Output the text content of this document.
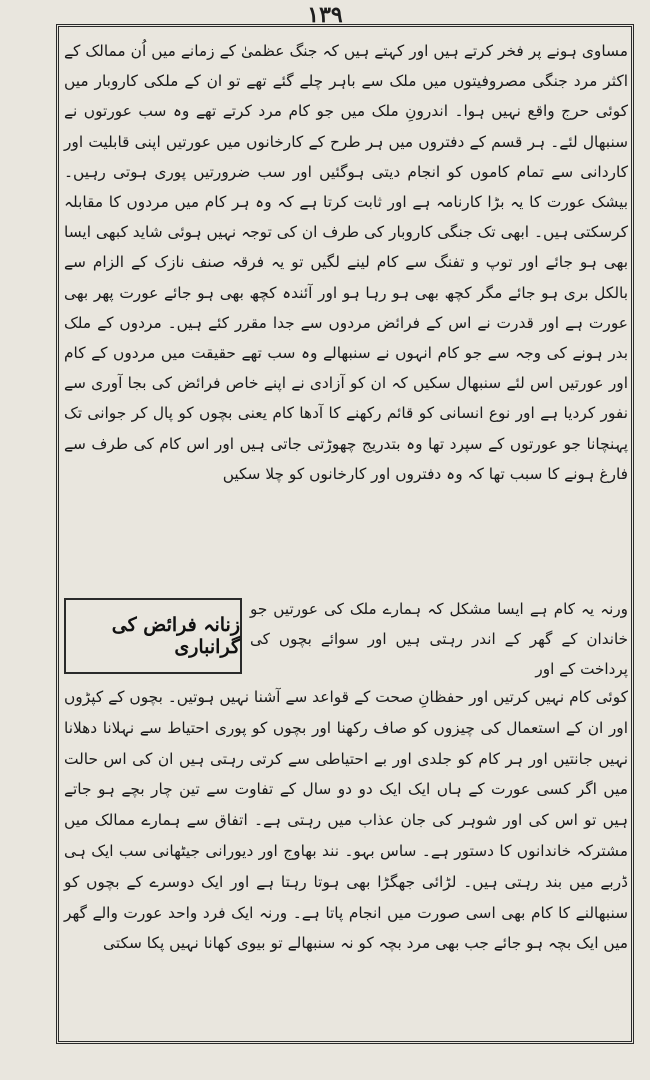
۱۳۹

مساوی ہونے پر فخر کرتے ہیں اور کہتے ہیں کہ جنگ عظمیٰ کے زمانے میں اُن ممالک کے اکثر مرد جنگی مصروفیتوں میں ملک سے باہر چلے گئے تھے تو ان کے ملکی کاروبار میں کوئی حرج واقع نہیں ہوا۔ اندرونِ ملک میں جو کام مرد کرتے تھے وہ سب عورتوں نے سنبھال لئے۔ ہر قسم کے دفتروں میں ہر طرح کے کارخانوں میں عورتیں اپنی قابلیت اور کاردانی سے تمام کاموں کو انجام دیتی ہوگئیں اور سب ضرورتیں پوری ہوتی رہیں۔ بیشک عورت کا یہ بڑا کارنامہ ہے اور ثابت کرتا ہے کہ وہ ہر کام میں مردوں کا مقابلہ کرسکتی ہیں۔ ابھی تک جنگی کاروبار کی طرف ان کی توجہ نہیں ہوئی شاید کبھی ایسا بھی ہو جائے اور توپ و تفنگ سے کام لینے لگیں تو یہ فرقہ صنف نازک کے الزام سے بالکل بری ہو جائے مگر کچھ بھی ہو رہا ہو اور آئندہ کچھ بھی ہو جائے عورت پھر بھی عورت ہے اور قدرت نے اس کے فرائض مردوں سے جدا مقرر کئے ہیں۔ مردوں کے ملک بدر ہونے کی وجہ سے جو کام انہوں نے سنبھالے وہ سب تھے حقیقت میں مردوں کے کام اور عورتیں اس لئے سنبھال سکیں کہ ان کو آزادی نے اپنے خاص فرائض کی بجا آوری سے نفور کردیا ہے اور نوع انسانی کو قائم رکھنے کا آدھا کام یعنی بچوں کو پال کر جوانی تک پہنچانا جو عورتوں کے سپرد تھا وہ بتدریج چھوڑتی جاتی ہیں اور اس کام کی طرف سے فارغ ہونے کا سبب تھا کہ وہ دفتروں اور کارخانوں کو چلا سکیں

ورنہ یہ کام ہے ایسا مشکل کہ ہمارے ملک کی عورتیں جو خاندان کے گھر کے اندر رہتی ہیں اور سوائے بچوں کی پرداخت کے اور

زنانہ فرائض کی گرانباری

کوئی کام نہیں کرتیں اور حفظانِ صحت کے قواعد سے آشنا نہیں ہوتیں۔ بچوں کے کپڑوں اور ان کے استعمال کی چیزوں کو صاف رکھنا اور بچوں کو پوری احتیاط سے نہلانا دھلانا نہیں جانتیں اور ہر کام کو جلدی اور بے احتیاطی سے کرتی رہتی ہیں ان کی اس حالت میں اگر کسی عورت کے ہاں ایک ایک دو دو سال کے تفاوت سے تین چار بچے ہو جاتے ہیں تو اس کی اور شوہر کی جان عذاب میں رہتی ہے۔ اتفاق سے ہمارے ممالک میں مشترکہ خاندانوں کا دستور ہے۔ ساس بہو۔ نند بھاوج اور دیورانی جیٹھانی سب ایک ہی ڈربے میں بند رہتی ہیں۔ لڑائی جھگڑا بھی ہوتا رہتا ہے اور ایک دوسرے کے بچوں کو سنبھالنے کا کام بھی اسی صورت میں انجام پاتا ہے۔ ورنہ ایک فرد واحد عورت والے گھر میں ایک بچہ ہو جائے جب بھی مرد بچہ کو نہ سنبھالے تو بیوی کھانا نہیں پکا سکتی
